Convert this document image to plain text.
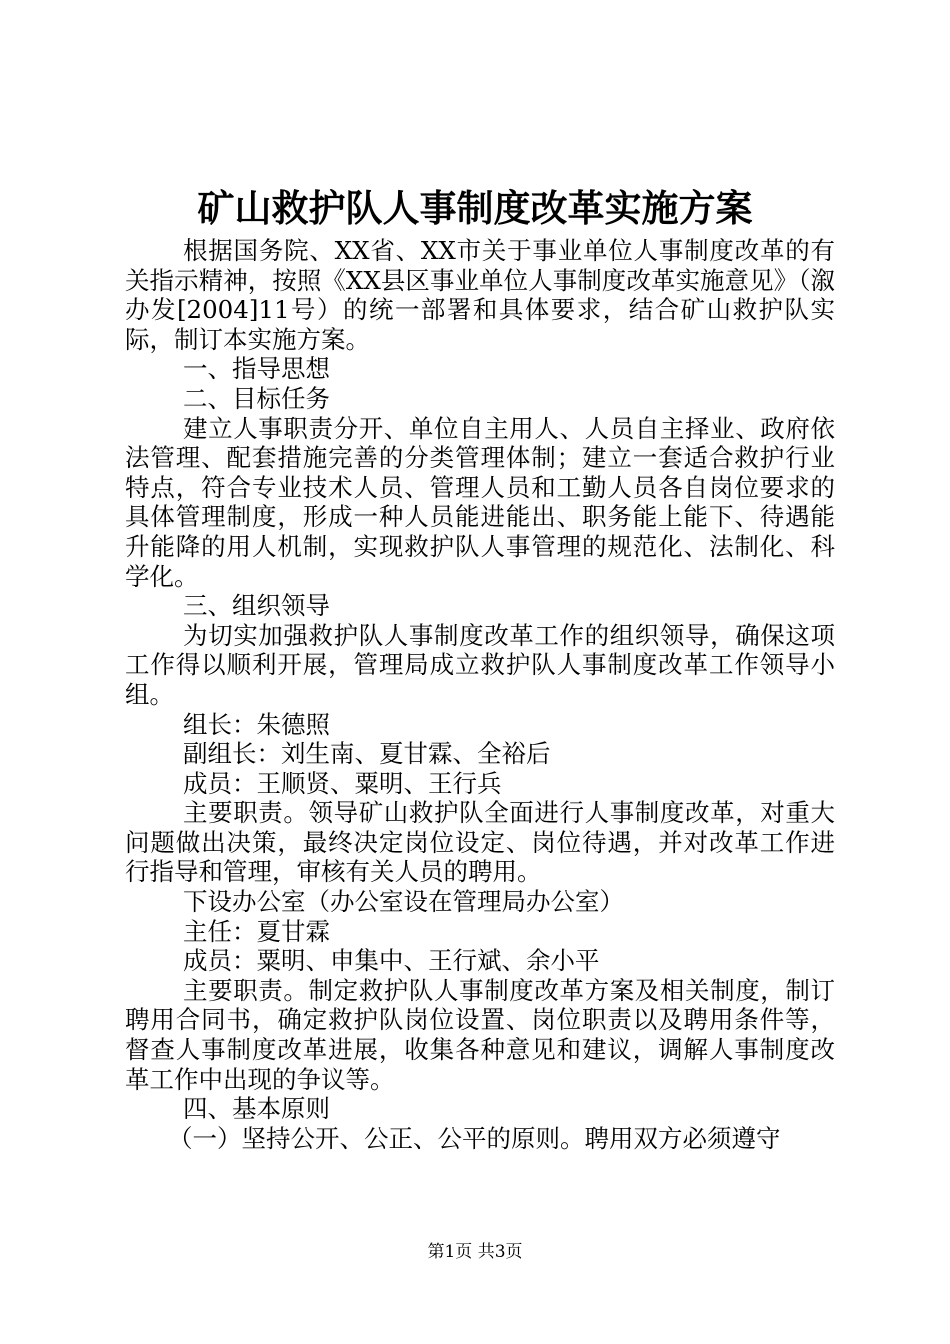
矿山救护队人事制度改革实施方案

根据国务院、XX省、XX市关于事业单位人事制度改革的有关指示精神，按照《XX县区事业单位人事制度改革实施意见》（溆办发[2004]11号）的统一部署和具体要求，结合矿山救护队实际，制订本实施方案。

一、指导思想

二、目标任务

建立人事职责分开、单位自主用人、人员自主择业、政府依法管理、配套措施完善的分类管理体制；建立一套适合救护行业特点，符合专业技术人员、管理人员和工勤人员各自岗位要求的具体管理制度，形成一种人员能进能出、职务能上能下、待遇能升能降的用人机制，实现救护队人事管理的规范化、法制化、科学化。

三、组织领导

为切实加强救护队人事制度改革工作的组织领导，确保这项工作得以顺利开展，管理局成立救护队人事制度改革工作领导小组。

组长：朱德照

副组长：刘生南、夏甘霖、全裕后

成员：王顺贤、粟明、王行兵

主要职责。领导矿山救护队全面进行人事制度改革，对重大问题做出决策，最终决定岗位设定、岗位待遇，并对改革工作进行指导和管理，审核有关人员的聘用。

下设办公室（办公室设在管理局办公室）

主任：夏甘霖

成员：粟明、申集中、王行斌、余小平

主要职责。制定救护队人事制度改革方案及相关制度，制订聘用合同书，确定救护队岗位设置、岗位职责以及聘用条件等，督查人事制度改革进展，收集各种意见和建议，调解人事制度改革工作中出现的争议等。

四、基本原则

（一）坚持公开、公正、公平的原则。聘用双方必须遵守

第1页 共3页
